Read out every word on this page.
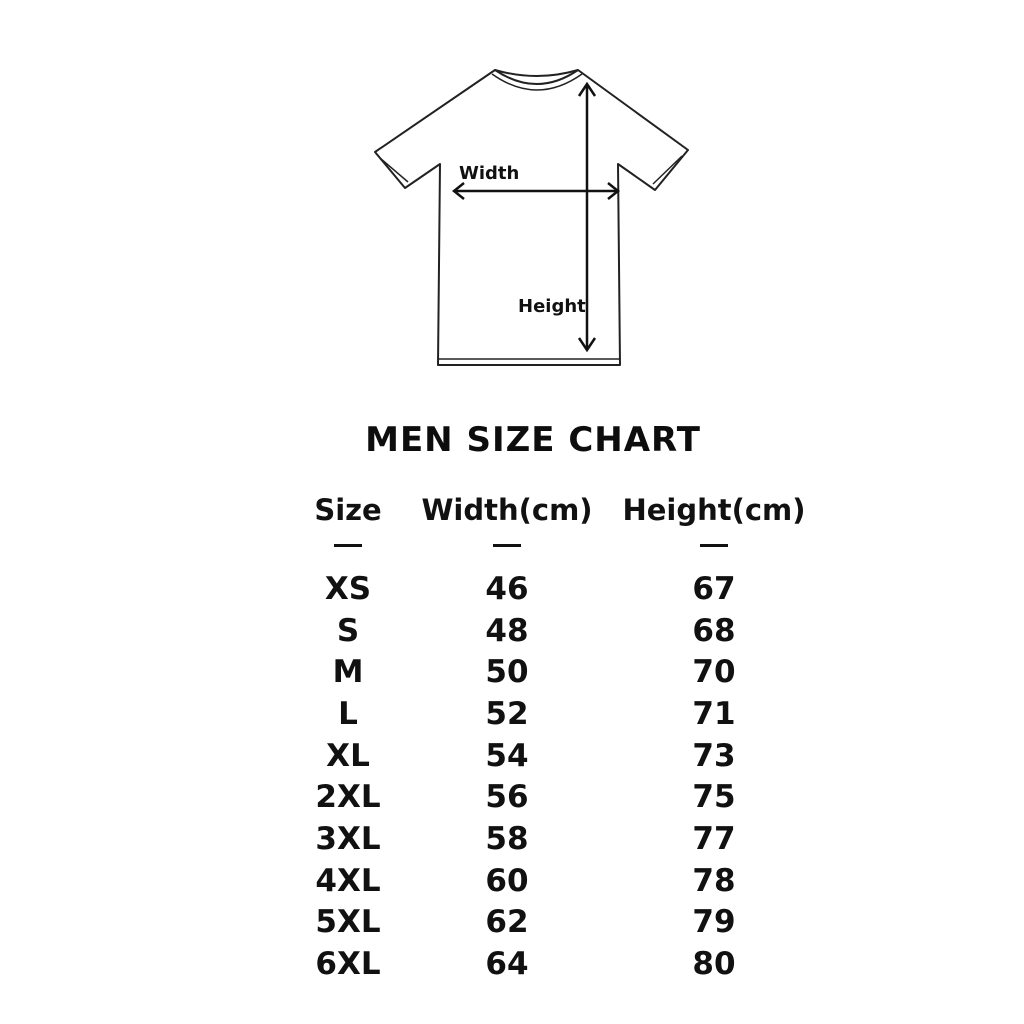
Width
Height
MEN SIZE CHART
Size	Width(cm)	Height(cm)
XS	46	67
S	48	68
M	50	70
L	52	71
XL	54	73
2XL	56	75
3XL	58	77
4XL	60	78
5XL	62	79
6XL	64	80
